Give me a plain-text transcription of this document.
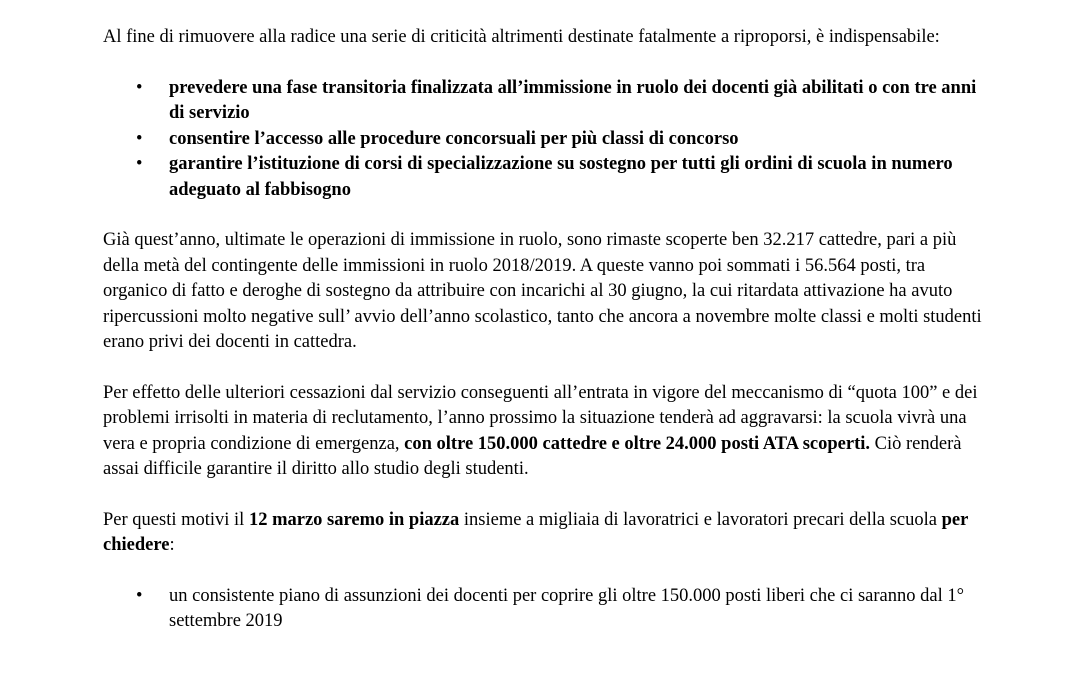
Al fine di rimuovere alla radice una serie di criticità altrimenti destinate fatalmente a riproporsi, è indispensabile:

• prevedere una fase transitoria finalizzata all’immissione in ruolo dei docenti già abilitati o con tre anni di servizio
• consentire l’accesso alle procedure concorsuali per più classi di concorso
• garantire l’istituzione di corsi di specializzazione su sostegno per tutti gli ordini di scuola in numero adeguato al fabbisogno

Già quest’anno, ultimate le operazioni di immissione in ruolo, sono rimaste scoperte ben 32.217 cattedre, pari a più della metà del contingente delle immissioni in ruolo 2018/2019. A queste vanno poi sommati i 56.564 posti, tra organico di fatto e deroghe di sostegno da attribuire con incarichi al 30 giugno, la cui ritardata attivazione ha avuto ripercussioni molto negative sull’ avvio dell’anno scolastico, tanto che ancora a novembre molte classi e molti studenti erano privi dei docenti in cattedra.

Per effetto delle ulteriori cessazioni dal servizio conseguenti all’entrata in vigore del meccanismo di “quota 100” e dei problemi irrisolti in materia di reclutamento, l’anno prossimo la situazione tenderà ad aggravarsi: la scuola vivrà una vera e propria condizione di emergenza, con oltre 150.000 cattedre e oltre 24.000 posti ATA scoperti. Ciò renderà assai difficile garantire il diritto allo studio degli studenti.

Per questi motivi il 12 marzo saremo in piazza insieme a migliaia di lavoratrici e lavoratori precari della scuola per chiedere:

• un consistente piano di assunzioni dei docenti per coprire gli oltre 150.000 posti liberi che ci saranno dal 1° settembre 2019
